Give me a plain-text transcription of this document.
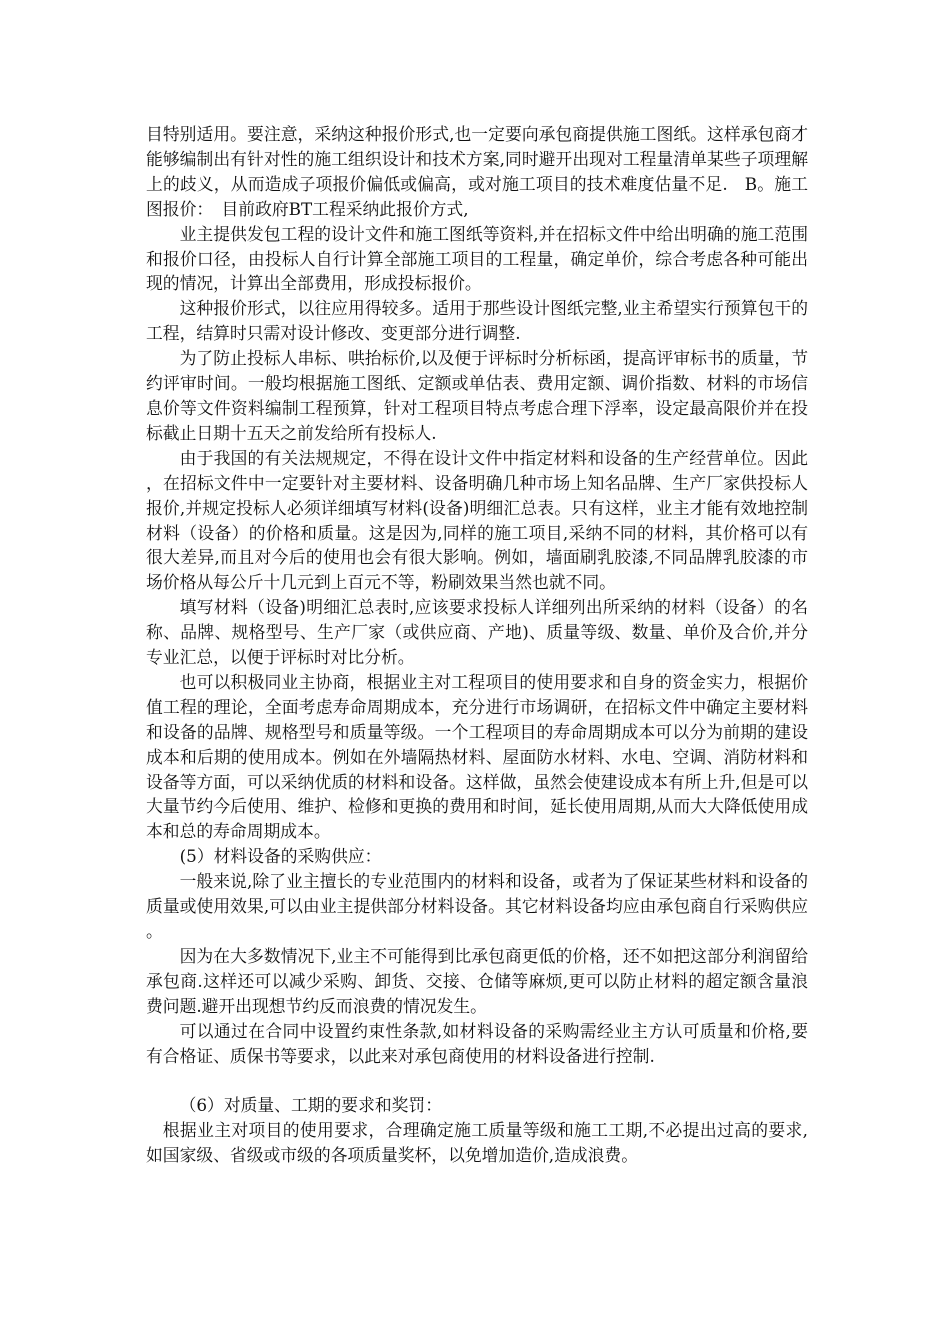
目特别适用。要注意，采纳这种报价形式,也一定要向承包商提供施工图纸。这样承包商才能够编制出有针对性的施工组织设计和技术方案,同时避开出现对工程量清单某些子项理解上的歧义，从而造成子项报价偏低或偏高，或对施工项目的技术难度估量不足.　B。施工图报价：　目前政府BT工程采纳此报价方式,

业主提供发包工程的设计文件和施工图纸等资料,并在招标文件中给出明确的施工范围和报价口径，由投标人自行计算全部施工项目的工程量，确定单价，综合考虑各种可能出现的情况，计算出全部费用，形成投标报价。

这种报价形式，以往应用得较多。适用于那些设计图纸完整,业主希望实行预算包干的工程，结算时只需对设计修改、变更部分进行调整.

为了防止投标人串标、哄抬标价,以及便于评标时分析标函，提高评审标书的质量，节约评审时间。一般均根据施工图纸、定额或单估表、费用定额、调价指数、材料的市场信息价等文件资料编制工程预算，针对工程项目特点考虑合理下浮率，设定最高限价并在投标截止日期十五天之前发给所有投标人.

由于我国的有关法规规定，不得在设计文件中指定材料和设备的生产经营单位。因此，在招标文件中一定要针对主要材料、设备明确几种市场上知名品牌、生产厂家供投标人报价,并规定投标人必须详细填写材料(设备)明细汇总表。只有这样，业主才能有效地控制材料（设备）的价格和质量。这是因为,同样的施工项目,采纳不同的材料，其价格可以有很大差异,而且对今后的使用也会有很大影响。例如，墙面刷乳胶漆,不同品牌乳胶漆的市场价格从每公斤十几元到上百元不等，粉刷效果当然也就不同。

填写材料（设备)明细汇总表时,应该要求投标人详细列出所采纳的材料（设备）的名称、品牌、规格型号、生产厂家（或供应商、产地)、质量等级、数量、单价及合价,并分专业汇总，以便于评标时对比分析。

也可以积极同业主协商，根据业主对工程项目的使用要求和自身的资金实力，根据价值工程的理论，全面考虑寿命周期成本，充分进行市场调研，在招标文件中确定主要材料和设备的品牌、规格型号和质量等级。一个工程项目的寿命周期成本可以分为前期的建设成本和后期的使用成本。例如在外墙隔热材料、屋面防水材料、水电、空调、消防材料和设备等方面，可以采纳优质的材料和设备。这样做，虽然会使建设成本有所上升,但是可以大量节约今后使用、维护、检修和更换的费用和时间，延长使用周期,从而大大降低使用成本和总的寿命周期成本。

(5）材料设备的采购供应：

一般来说,除了业主擅长的专业范围内的材料和设备，或者为了保证某些材料和设备的质量或使用效果,可以由业主提供部分材料设备。其它材料设备均应由承包商自行采购供应。

因为在大多数情况下,业主不可能得到比承包商更低的价格，还不如把这部分利润留给承包商.这样还可以减少采购、卸货、交接、仓储等麻烦,更可以防止材料的超定额含量浪费问题.避开出现想节约反而浪费的情况发生。

可以通过在合同中设置约束性条款,如材料设备的采购需经业主方认可质量和价格,要有合格证、质保书等要求，以此来对承包商使用的材料设备进行控制.

（6）对质量、工期的要求和奖罚：

根据业主对项目的使用要求，合理确定施工质量等级和施工工期,不必提出过高的要求,如国家级、省级或市级的各项质量奖杯，以免增加造价,造成浪费。
